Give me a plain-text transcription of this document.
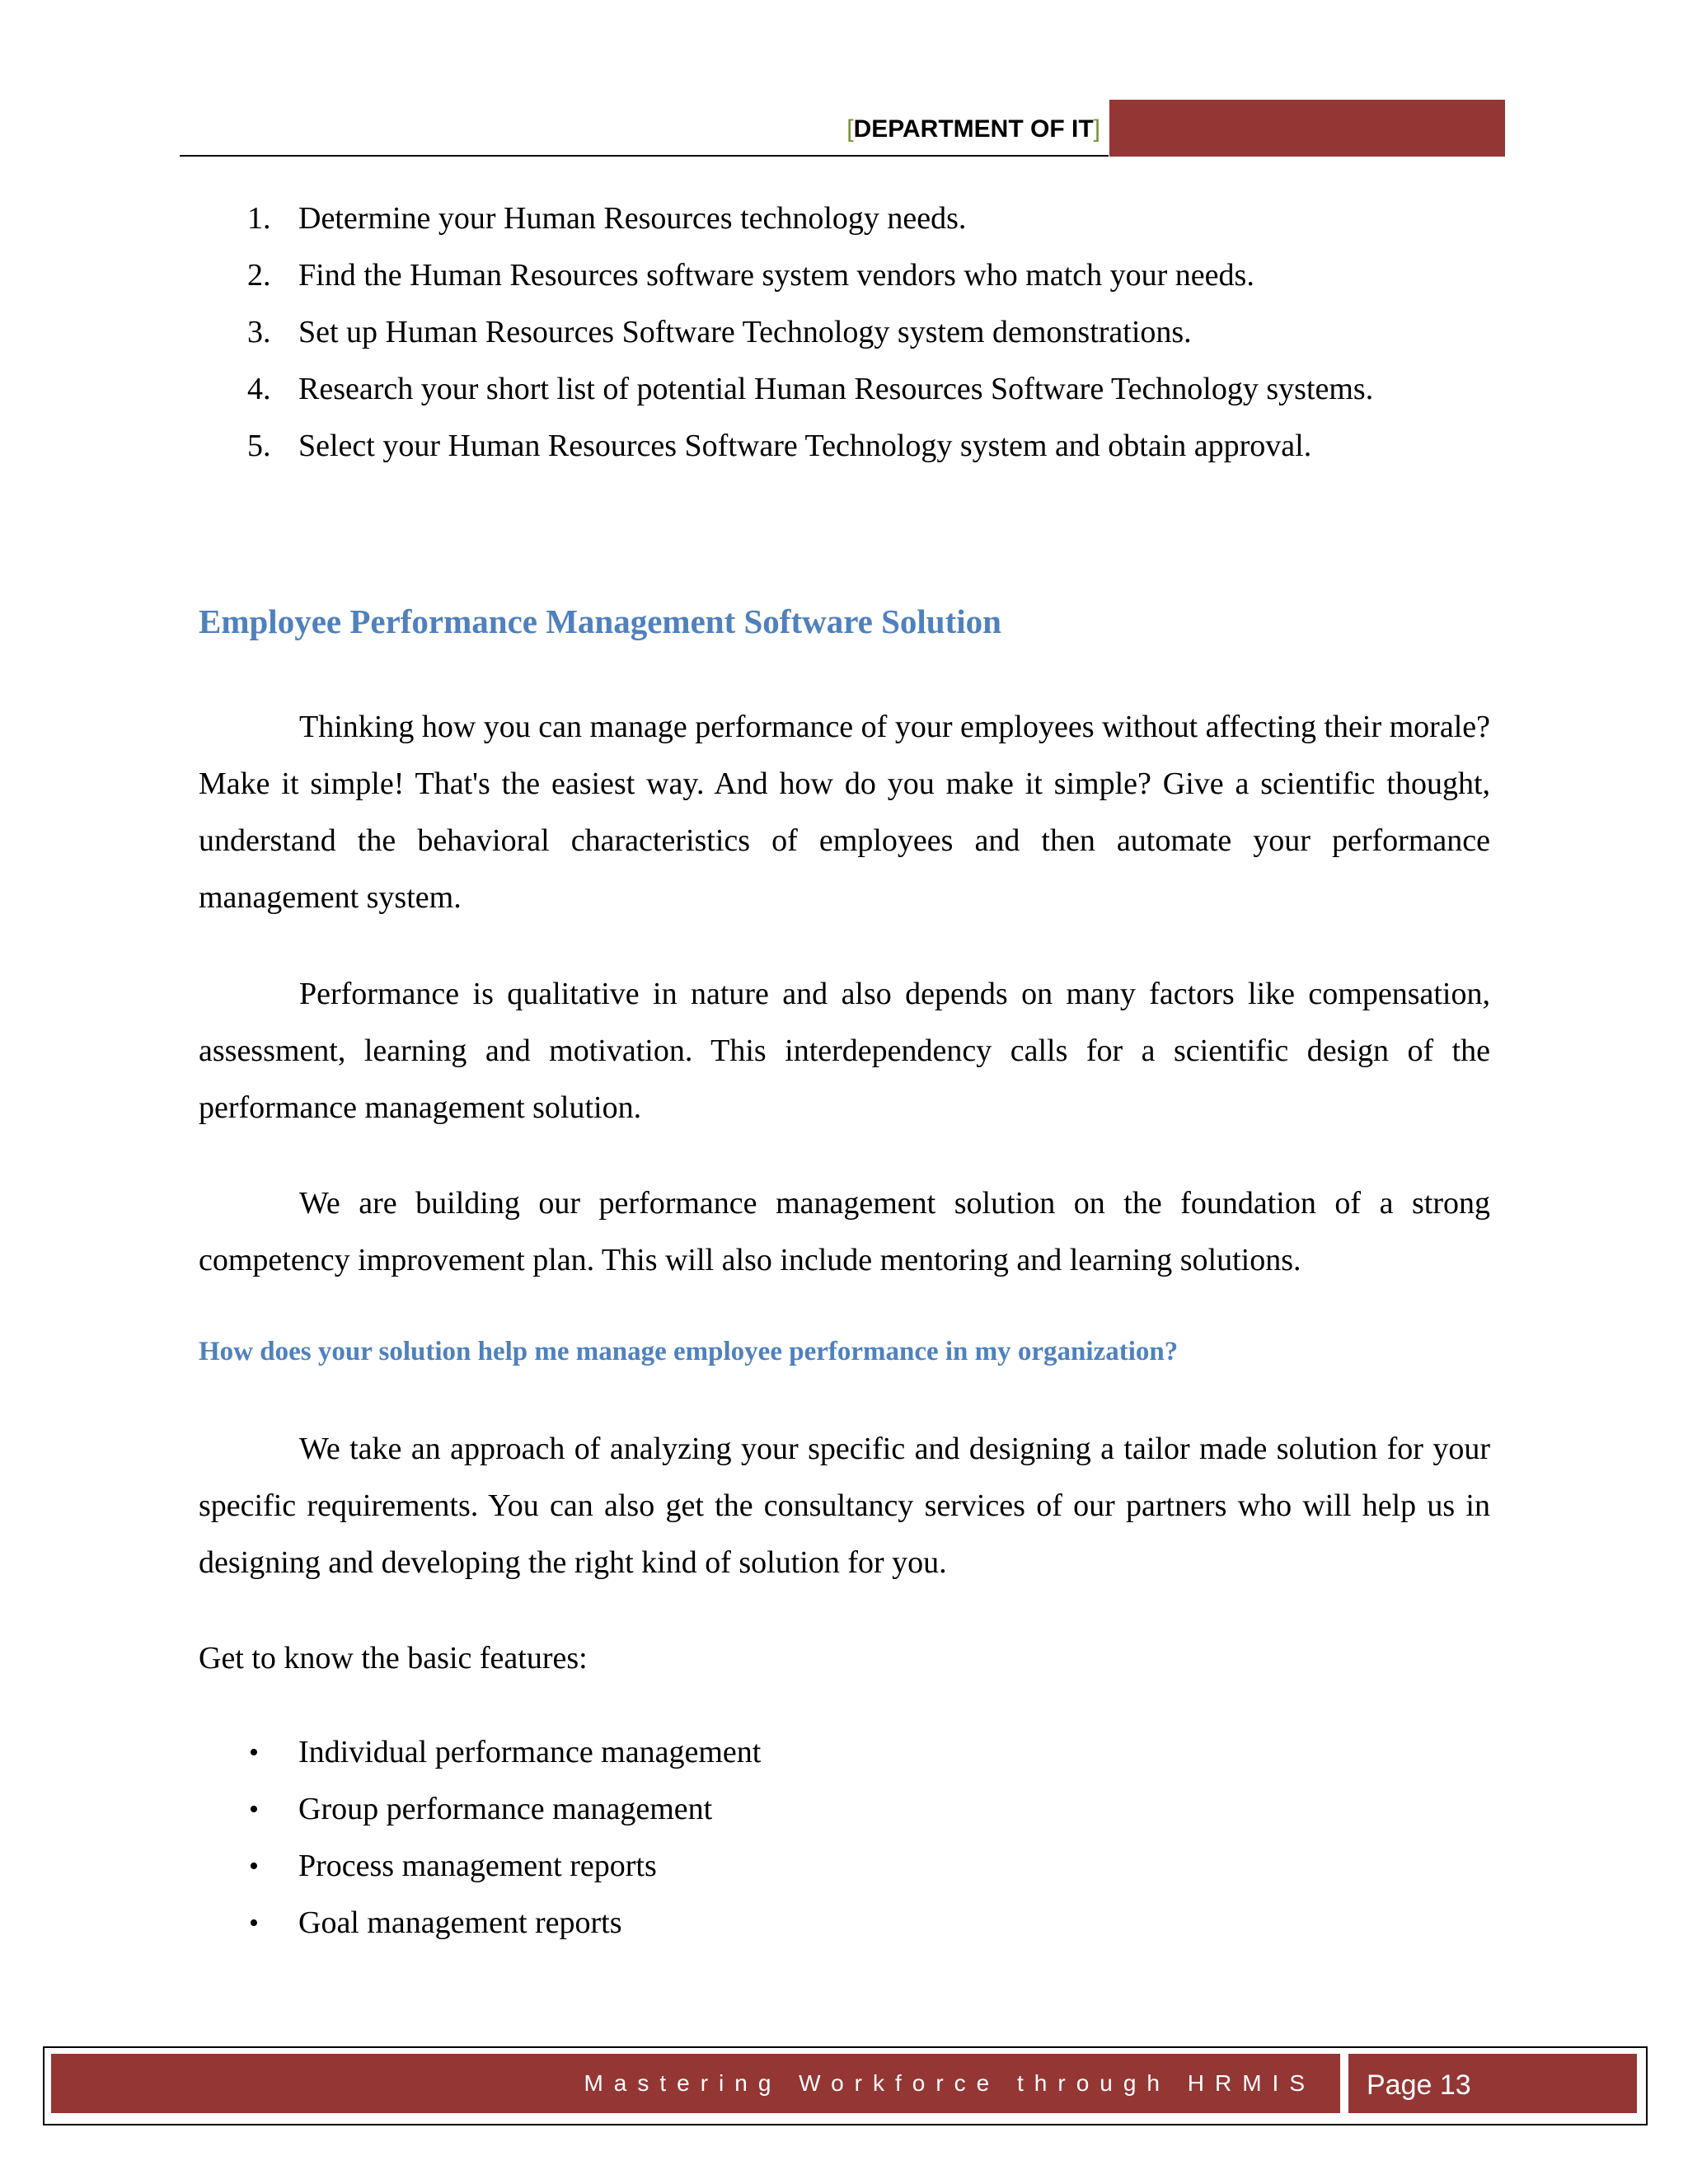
[DEPARTMENT OF IT]
1. Determine your Human Resources technology needs.
2. Find the Human Resources software system vendors who match your needs.
3. Set up Human Resources Software Technology system demonstrations.
4. Research your short list of potential Human Resources Software Technology systems.
5. Select your Human Resources Software Technology system and obtain approval.
Employee Performance Management Software Solution

Thinking how you can manage performance of your employees without affecting their morale? Make it simple! That's the easiest way. And how do you make it simple? Give a scientific thought, understand the behavioral characteristics of employees and then automate your performance management system.

Performance is qualitative in nature and also depends on many factors like compensation, assessment, learning and motivation. This interdependency calls for a scientific design of the performance management solution.

We are building our performance management solution on the foundation of a strong competency improvement plan. This will also include mentoring and learning solutions.

How does your solution help me manage employee performance in my organization?

We take an approach of analyzing your specific and designing a tailor made solution for your specific requirements. You can also get the consultancy services of our partners who will help us in designing and developing the right kind of solution for you.

Get to know the basic features:

• Individual performance management
• Group performance management
• Process management reports
• Goal management reports
Mastering Workforce through HRMIS	Page 13
